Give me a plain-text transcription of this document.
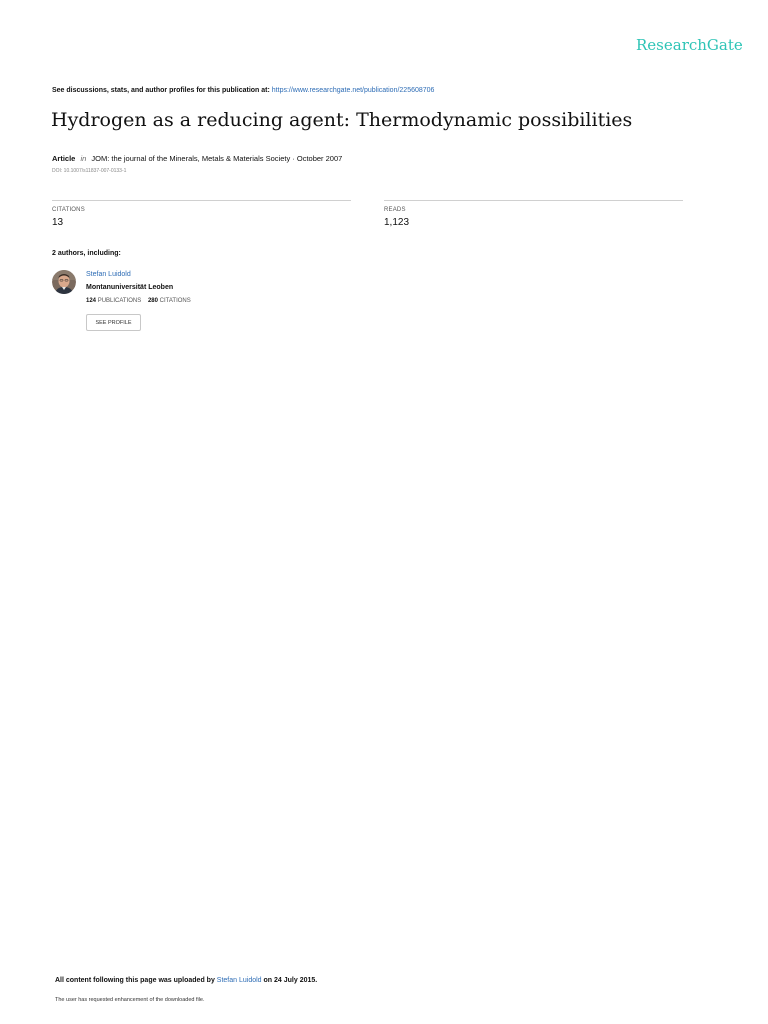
ResearchGate
See discussions, stats, and author profiles for this publication at: https://www.researchgate.net/publication/225608706
Hydrogen as a reducing agent: Thermodynamic possibilities
Article in JOM: the journal of the Minerals, Metals & Materials Society · October 2007
DOI: 10.1007/s11837-007-0133-1
CITATIONS
13
READS
1,123
2 authors, including:
Stefan Luidold
Montanuniversität Leoben
124 PUBLICATIONS 280 CITATIONS
SEE PROFILE
All content following this page was uploaded by Stefan Luidold on 24 July 2015.
The user has requested enhancement of the downloaded file.
